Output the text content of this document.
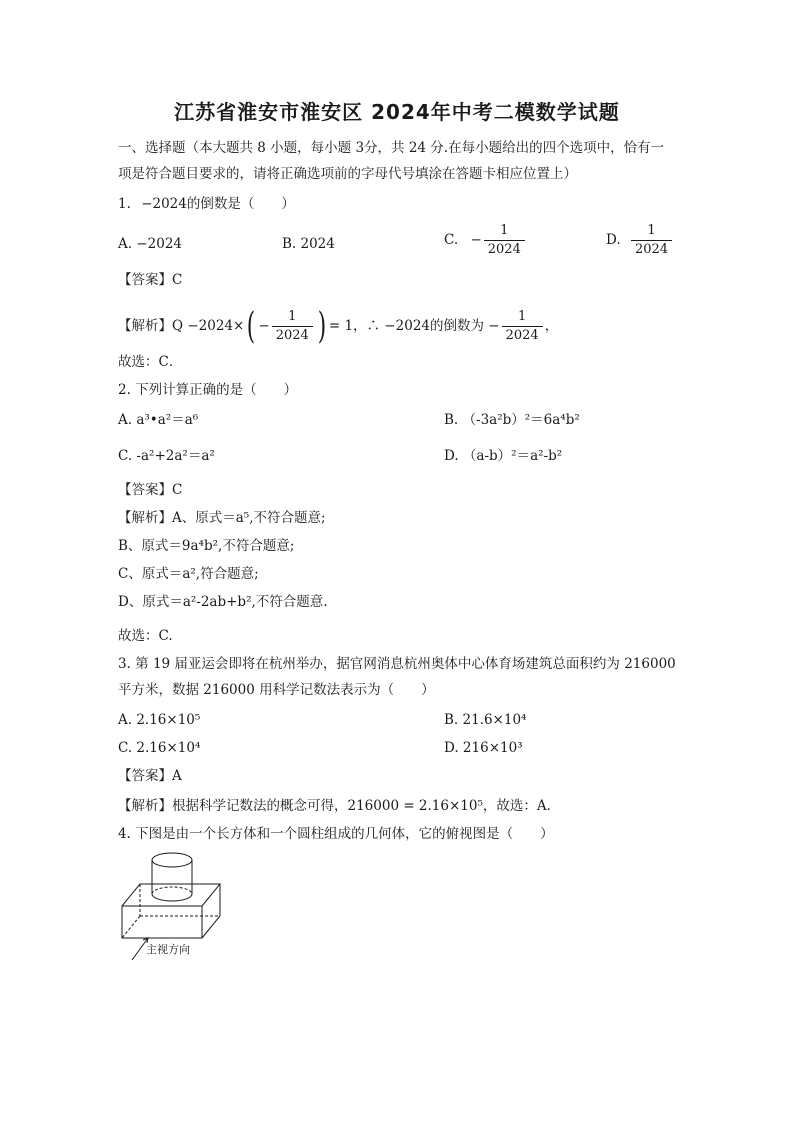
江苏省淮安市淮安区 2024年中考二模数学试题
一、选择题（本大题共 8 小题，每小题 3分，共 24 分.在每小题给出的四个选项中，恰有一
项是符合题目要求的，请将正确选项前的字母代号填涂在答题卡相应位置上）
1. −2024的倒数是（　　）
A. −2024	B. 2024	C. − $\frac{1}{2024}$	D. $\frac{1}{2024}$
【答案】C
【解析】$Q -2024\times( - \frac{1}{2024}$ ) = 1，∴ −2024的倒数为 − $\frac{1}{2024}$ ，
故选：C．
2. 下列计算正确的是（　　）
A. a³•a²＝a⁶	B. （-3a²b）²＝6a⁴b²
C. -a²+2a²＝a²	D. （a-b）²＝a²-b²
【答案】C
【解析】A、原式＝a⁵,不符合题意;
B、原式＝9a⁴b²,不符合题意;
C、原式＝a²,符合题意;
D、原式＝a²-2ab+b²,不符合题意.
故选：C.
3. 第 19 届亚运会即将在杭州举办，据官网消息杭州奥体中心体育场建筑总面积约为 216000
平方米，数据 216000 用科学记数法表示为（　　）
A. 2.16×10⁵	B. 21.6×10⁴
C. 2.16×10⁴	D. 216×10³
【答案】A
【解析】根据科学记数法的概念可得，216000 = 2.16×10⁵，故选：A．
4. 下图是由一个长方体和一个圆柱组成的几何体，它的俯视图是（　　）
主视方向
